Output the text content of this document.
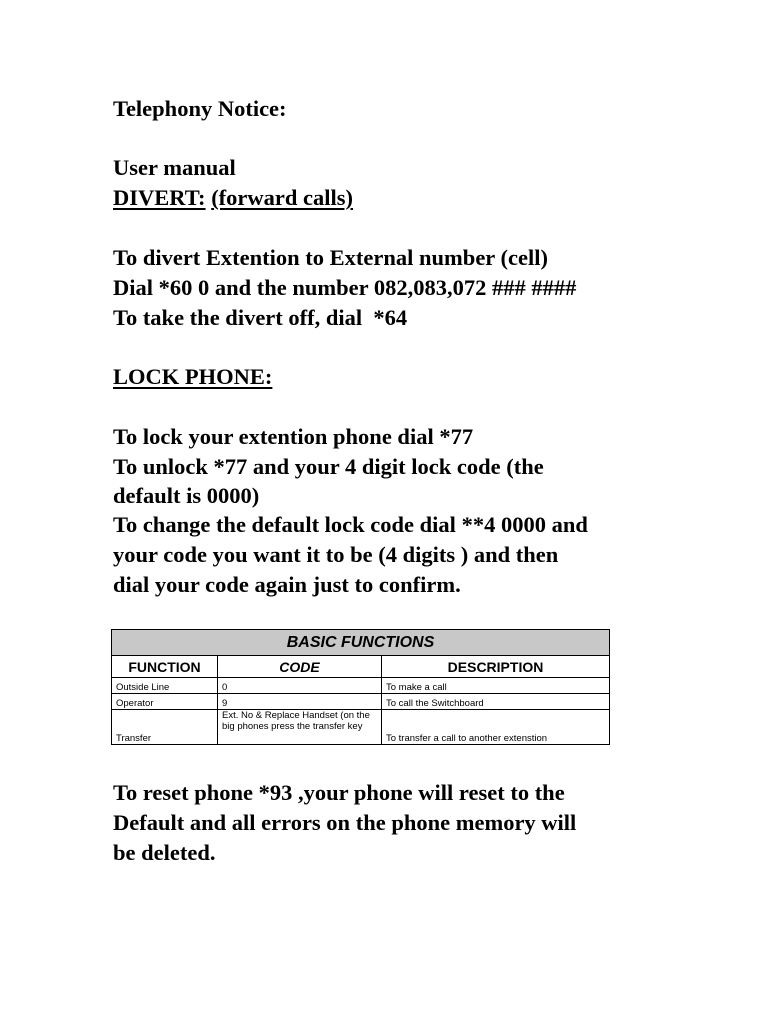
Telephony Notice:
User manual
DIVERT: (forward calls)
To divert Extention to External number (cell)
Dial *60 0 and the number 082,083,072 ### ####
To take the divert off, dial  *64
LOCK PHONE:
To lock your extention phone dial *77
To unlock *77 and your 4 digit lock code (the
default is 0000)
To change the default lock code dial **4 0000 and
your code you want it to be (4 digits ) and then
dial your code again just to confirm.
To reset phone *93 ,your phone will reset to the
Default and all errors on the phone memory will
be deleted.
BASIC FUNCTIONS		
FUNCTION	CODE	DESCRIPTION
Outside Line	0	To make a call
Operator	9	To call the Switchboard
Transfer	Ext. No & Replace Handset (on the big phones press the transfer key	To transfer a call to another extenstion
